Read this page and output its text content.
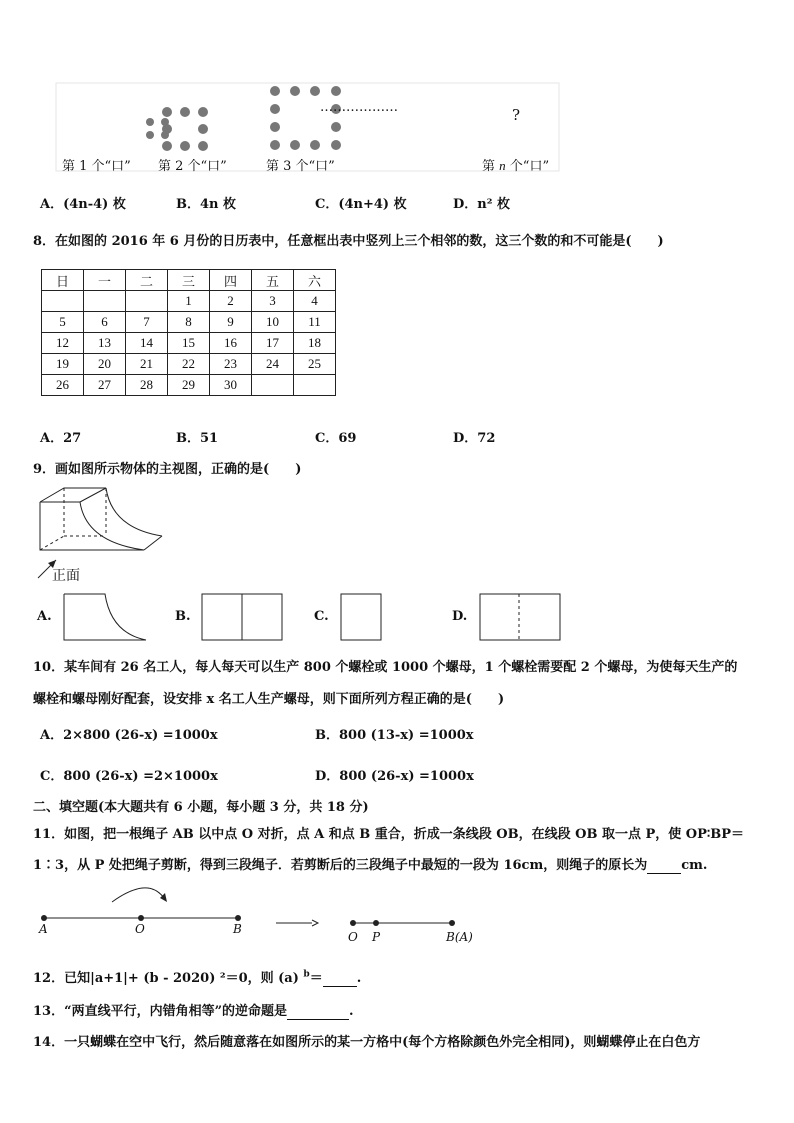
………………	?
第 1 个“口” 第 2 个“口”	第 3 个“口”	第 n 个“口”
A．(4n-4) 枚	B．4n 枚	C．(4n+4) 枚	D．n² 枚
8．在如图的 2016 年 6 月份的日历表中，任意框出表中竖列上三个相邻的数，这三个数的和不可能是(　　)
日	一	二	三	四	五	六
			1	2	3	4
5	6	7	8	9	10	11
12	13	14	15	16	17	18
19	20	21	22	23	24	25
26	27	28	29	30		
A．27	B．51	C．69	D．72
9．画如图所示物体的主视图，正确的是(　　)
正面
A.	B.	C.	D.
10．某车间有 26 名工人，每人每天可以生产 800 个螺栓或 1000 个螺母，1 个螺栓需要配 2 个螺母，为使每天生产的
螺栓和螺母刚好配套，设安排 x 名工人生产螺母，则下面所列方程正确的是(　　)
A．2×800 (26-x) =1000x	B．800 (13-x) =1000x
C．800 (26-x) =2×1000x	D．800 (26-x) =1000x
二、填空题(本大题共有 6 小题，每小题 3 分，共 18 分)
11．如图，把一根绳子 AB 以中点 O 对折，点 A 和点 B 重合，折成一条线段 OB，在线段 OB 取一点 P，使 OP∶BP＝
1∶3，从 P 处把绳子剪断，得到三段绳子．若剪断后的三段绳子中最短的一段为 16cm，则绳子的原长为	cm.
A	O	B
O P	B(A)
12．已知|a+1|+ (b - 2020) ²＝0，则 (a) $^b$＝	.
13．“两直线平行，内错角相等”的逆命题是	.
14．一只蝴蝶在空中飞行，然后随意落在如图所示的某一方格中(每个方格除颜色外完全相同)，则蝴蝶停止在白色方
